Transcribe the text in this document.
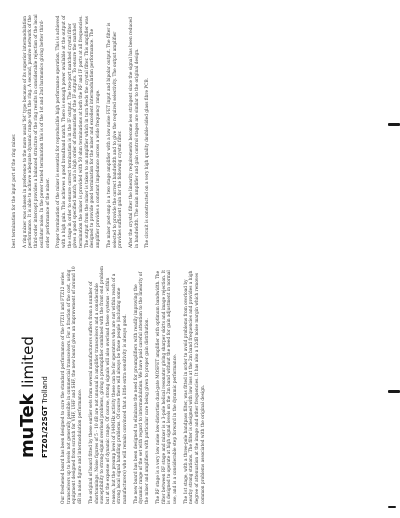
muTek limited
FTZ01/22SGT Trolland	Our freshened board has been designed to cure the standard performance of the FTZ11 and FTZ12 series transceivers up to levels not generally possible in commercial transceivers. For a fraction of the cost, using equipment designed from scratch for VHF, UHF and SHF, the new board gives an improvement of around 10 dB in noise figure and intermodulation performance. The original of board fitted by these earlier sets from several manufacturers suffers from a number of shortcomings. Noise figures of 5 - 10 dB are not unusual in amplifier transceivers and a considerable susceptibility to strong-signal overload problems, giving a preamplifier combined with the front end problem but at the expense of dynamic range. Of course, strong signals will also overload these systems - within reason, but the preamp level of 144MHz activity these can be for operators who are not within reach of a strong local signal handling problems. Of course there will always be those people (including some manufacturers) who will remain convinced that a little extra sensitivity is always good. The new board has been designed to eliminate the need for preamplifiers with readily improving the dynamic range of the set with regard to intermodulation. We have paid careful attention to the linearity of the mixer and amplifiers with particular care being given to proper gain distribution. The RF stage is a very low noise low-distortion dual-gate MOSFET amplifier with optimum bandwidth. The filter between RF stage and mixer is a 3-pole helical resonator giving sharper skirts and image rejection. It is designed to operate at high signal levels on the 2m band without the need for gain adjustment in normal use, and is a considerable step forward in the dynamic performance. The 1st stage, with a three-pole bandpass filter, was fitted in order to avoid problems from overload by nearby strong stations. The filter is designed with low loss at the 2m band frequencies and provides a high degree of attenuation at the image and other frequencies. It has also a 12dB noise margin which removes common problems associated with the original design.

best termination for the input port of the ring mixer. A ring mixer was chosen in preference to the more usual 'fet' type because of its superior intermodulation performance. It is able to achieve adequate dynamic range with the ring. A second, passive network of the third-order intercept provides a balanced structure of the ring results in considerable rejection of the local oscillator noise. In the power tested termination this is of the 1st and 2nd harmonics giving better third-order performance of the mixer. Proper termination of the mixer is essential for reproducible high performance operation. This is achieved with a high gain. This achieves a good broadband match. There is enough power available at the output of the stage in order to ensure correct termination is in the IF output. The two-port matched crystal filter gives a good specified match; and a high order of attenuation of the IF outputs. To ensure the matched termination the mixer is provided with 50 ohm terminations at both the RF and IF ports at all frequencies. The output from the mixer is taken to an amplifier which in turn feeds the crystal filter. This amplifier was designed to provide good termination for the mixer and excellent intermodulation performance. The amplifier provides a constant impedance across a wide frequency range. The mixer post-amp is a two stage amplifier with a low noise FET input and bipolar output. The filter is selected to provide the correct bandwidth and to give the required selectivity. The output amplifier provides sufficient gain for the following crystal filter. After the crystal filter the linearity requirements become less stringent since the signal has been reduced in bandwidth. The main amplifier and gain control stages are similar to the original design. The circuit is constructed on a very high quality double-sided glass fibre PCB.
